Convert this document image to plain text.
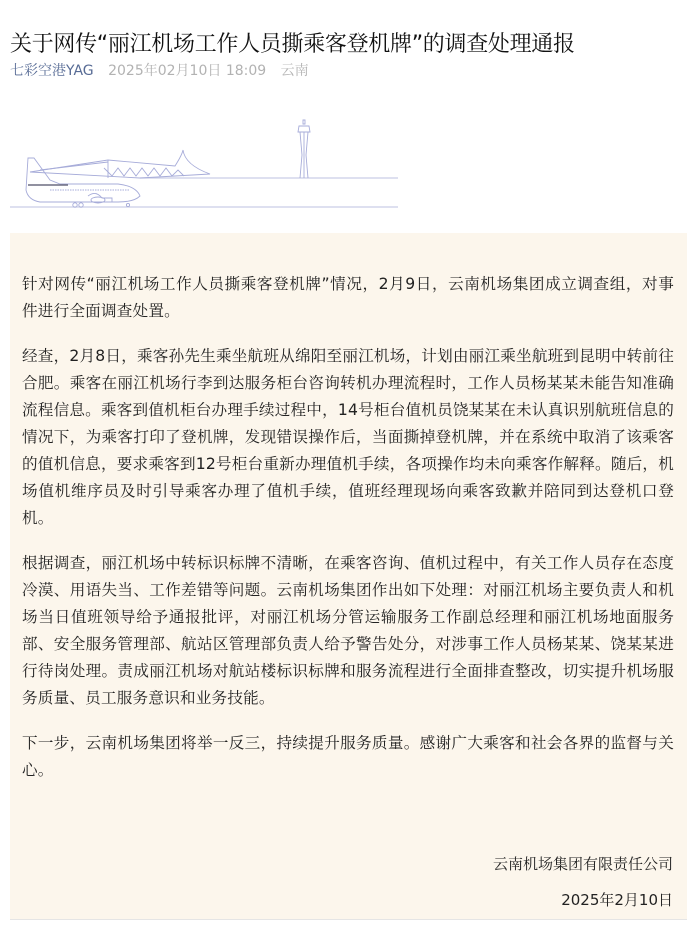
关于网传“丽江机场工作人员撕乘客登机牌”的调查处理通报
七彩空港YAG 2025年02月10日 18:09 云南

针对网传“丽江机场工作人员撕乘客登机牌”情况，2月9日，云南机场集团成立调查组，对事件进行全面调查处置。

经查，2月8日，乘客孙先生乘坐航班从绵阳至丽江机场，计划由丽江乘坐航班到昆明中转前往合肥。乘客在丽江机场行李到达服务柜台咨询转机办理流程时，工作人员杨某某未能告知准确流程信息。乘客到值机柜台办理手续过程中，14号柜台值机员饶某某在未认真识别航班信息的情况下，为乘客打印了登机牌，发现错误操作后，当面撕掉登机牌，并在系统中取消了该乘客的值机信息，要求乘客到12号柜台重新办理值机手续，各项操作均未向乘客作解释。随后，机场值机维序员及时引导乘客办理了值机手续，值班经理现场向乘客致歉并陪同到达登机口登机。

根据调查，丽江机场中转标识标牌不清晰，在乘客咨询、值机过程中，有关工作人员存在态度冷漠、用语失当、工作差错等问题。云南机场集团作出如下处理：对丽江机场主要负责人和机场当日值班领导给予通报批评，对丽江机场分管运输服务工作副总经理和丽江机场地面服务部、安全服务管理部、航站区管理部负责人给予警告处分，对涉事工作人员杨某某、饶某某进行待岗处理。责成丽江机场对航站楼标识标牌和服务流程进行全面排查整改，切实提升机场服务质量、员工服务意识和业务技能。

下一步，云南机场集团将举一反三，持续提升服务质量。感谢广大乘客和社会各界的监督与关心。

云南机场集团有限责任公司
2025年2月10日
